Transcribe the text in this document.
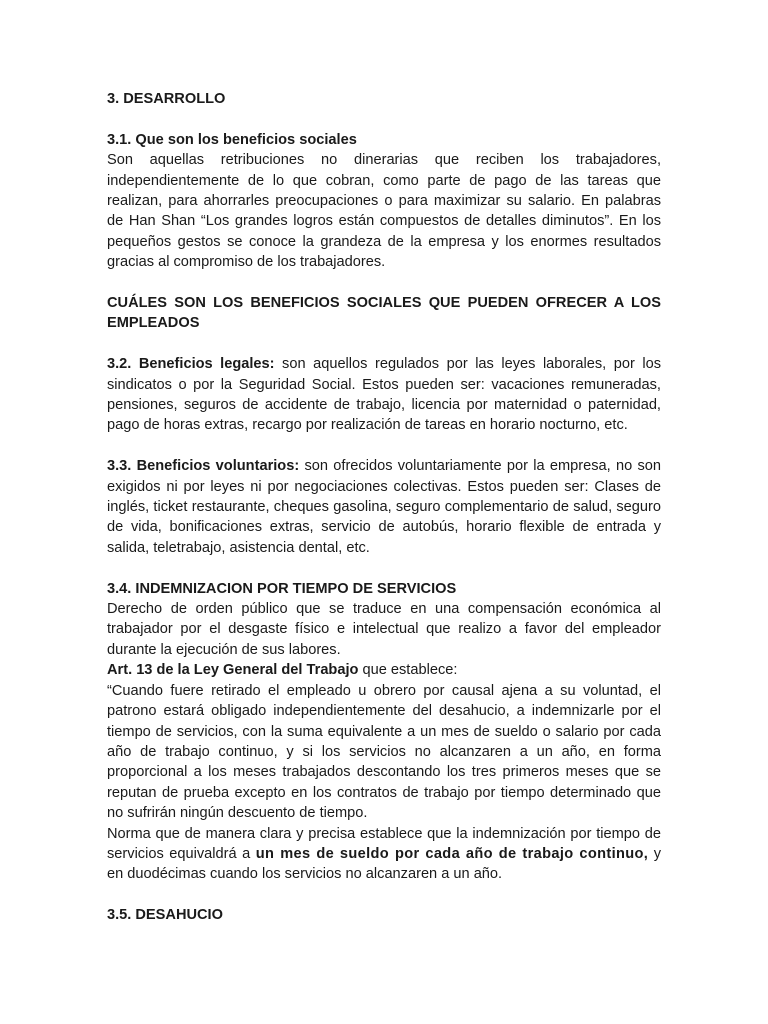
3. DESARROLLO

3.1. Que son los beneficios sociales

Son aquellas retribuciones no dinerarias que reciben los trabajadores, independientemente de lo que cobran, como parte de pago de las tareas que realizan, para ahorrarles preocupaciones o para maximizar su salario. En palabras de Han Shan “Los grandes logros están compuestos de detalles diminutos”. En los pequeños gestos se conoce la grandeza de la empresa y los enormes resultados gracias al compromiso de los trabajadores.

CUÁLES SON LOS BENEFICIOS SOCIALES QUE PUEDEN OFRECER A LOS EMPLEADOS

3.2. Beneficios legales: son aquellos regulados por las leyes laborales, por los sindicatos o por la Seguridad Social. Estos pueden ser: vacaciones remuneradas, pensiones, seguros de accidente de trabajo, licencia por maternidad o paternidad, pago de horas extras, recargo por realización de tareas en horario nocturno, etc.

3.3. Beneficios voluntarios: son ofrecidos voluntariamente por la empresa, no son exigidos ni por leyes ni por negociaciones colectivas. Estos pueden ser: Clases de inglés, ticket restaurante, cheques gasolina, seguro complementario de salud, seguro de vida, bonificaciones extras, servicio de autobús, horario flexible de entrada y salida, teletrabajo, asistencia dental, etc.

3.4. INDEMNIZACION POR TIEMPO DE SERVICIOS

Derecho de orden público que se traduce en una compensación económica al trabajador por el desgaste físico e intelectual que realizo a favor del empleador durante la ejecución de sus labores.

Art. 13 de la Ley General del Trabajo que establece:

“Cuando fuere retirado el empleado u obrero por causal ajena a su voluntad, el patrono estará obligado independientemente del desahucio, a indemnizarle por el tiempo de servicios, con la suma equivalente a un mes de sueldo o salario por cada año de trabajo continuo, y si los servicios no alcanzaren a un año, en forma proporcional a los meses trabajados descontando los tres primeros meses que se reputan de prueba excepto en los contratos de trabajo por tiempo determinado que no sufrirán ningún descuento de tiempo.

Norma que de manera clara y precisa establece que la indemnización por tiempo de servicios equivaldrá a un mes de sueldo por cada año de trabajo continuo, y en duodécimas cuando los servicios no alcanzaren a un año.

3.5. DESAHUCIO
